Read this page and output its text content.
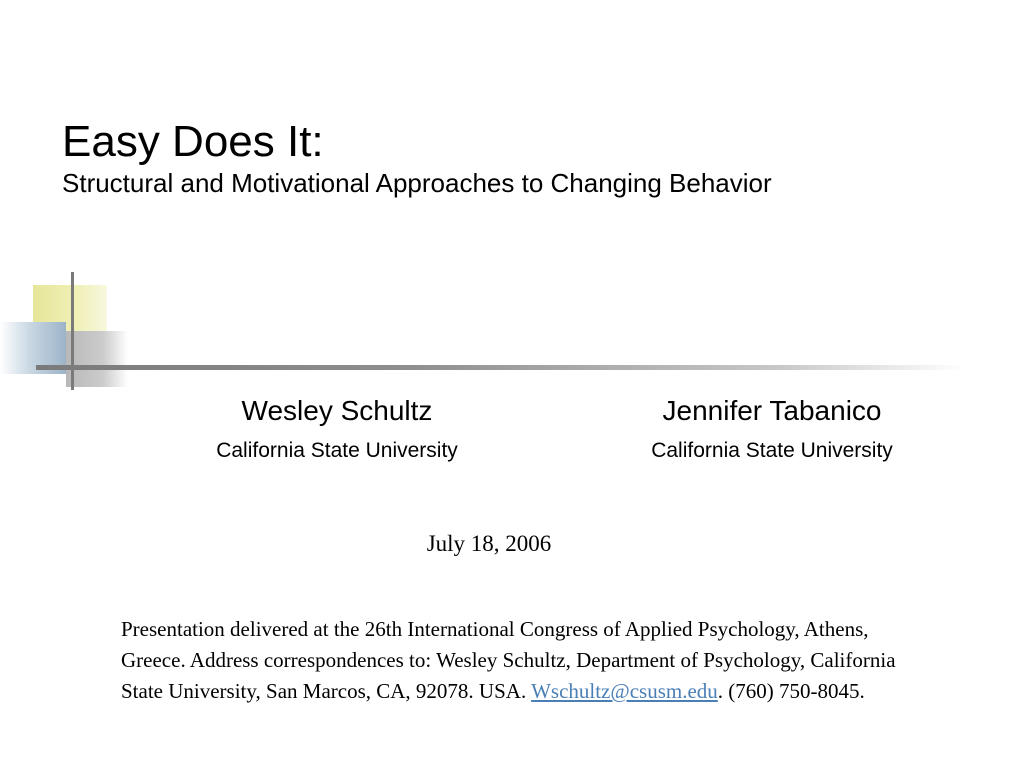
Easy Does It:
Structural and Motivational Approaches to Changing Behavior
Wesley Schultz
California State University
Jennifer Tabanico
California State University
July 18, 2006
Presentation delivered at the 26th International Congress of Applied Psychology, Athens, Greece. Address correspondences to: Wesley Schultz, Department of Psychology, California State University, San Marcos, CA, 92078. USA. Wschultz@csusm.edu. (760) 750-8045.
